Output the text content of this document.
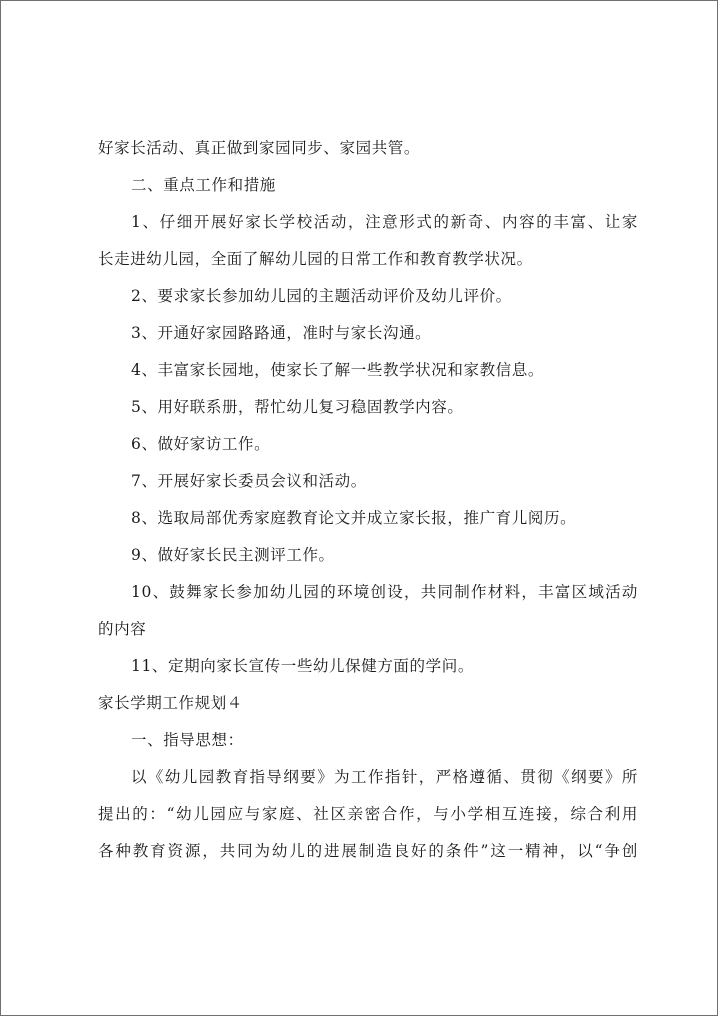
好家长活动、真正做到家园同步、家园共管。
二、重点工作和措施
1、仔细开展好家长学校活动，注意形式的新奇、内容的丰富、让家
长走进幼儿园，全面了解幼儿园的日常工作和教育教学状况。
2、要求家长参加幼儿园的主题活动评价及幼儿评价。
3、开通好家园路路通，准时与家长沟通。
4、丰富家长园地，使家长了解一些教学状况和家教信息。
5、用好联系册，帮忙幼儿复习稳固教学内容。
6、做好家访工作。
7、开展好家长委员会议和活动。
8、选取局部优秀家庭教育论文并成立家长报，推广育儿阅历。
9、做好家长民主测评工作。
10、鼓舞家长参加幼儿园的环境创设，共同制作材料，丰富区域活动
的内容
11、定期向家长宣传一些幼儿保健方面的学问。
家长学期工作规划４
一、指导思想：
以《幼儿园教育指导纲要》为工作指针，严格遵循、贯彻《纲要》所
提出的：“幼儿园应与家庭、社区亲密合作，与小学相互连接，综合利用
各种教育资源，共同为幼儿的进展制造良好的条件”这一精神，以“争创
